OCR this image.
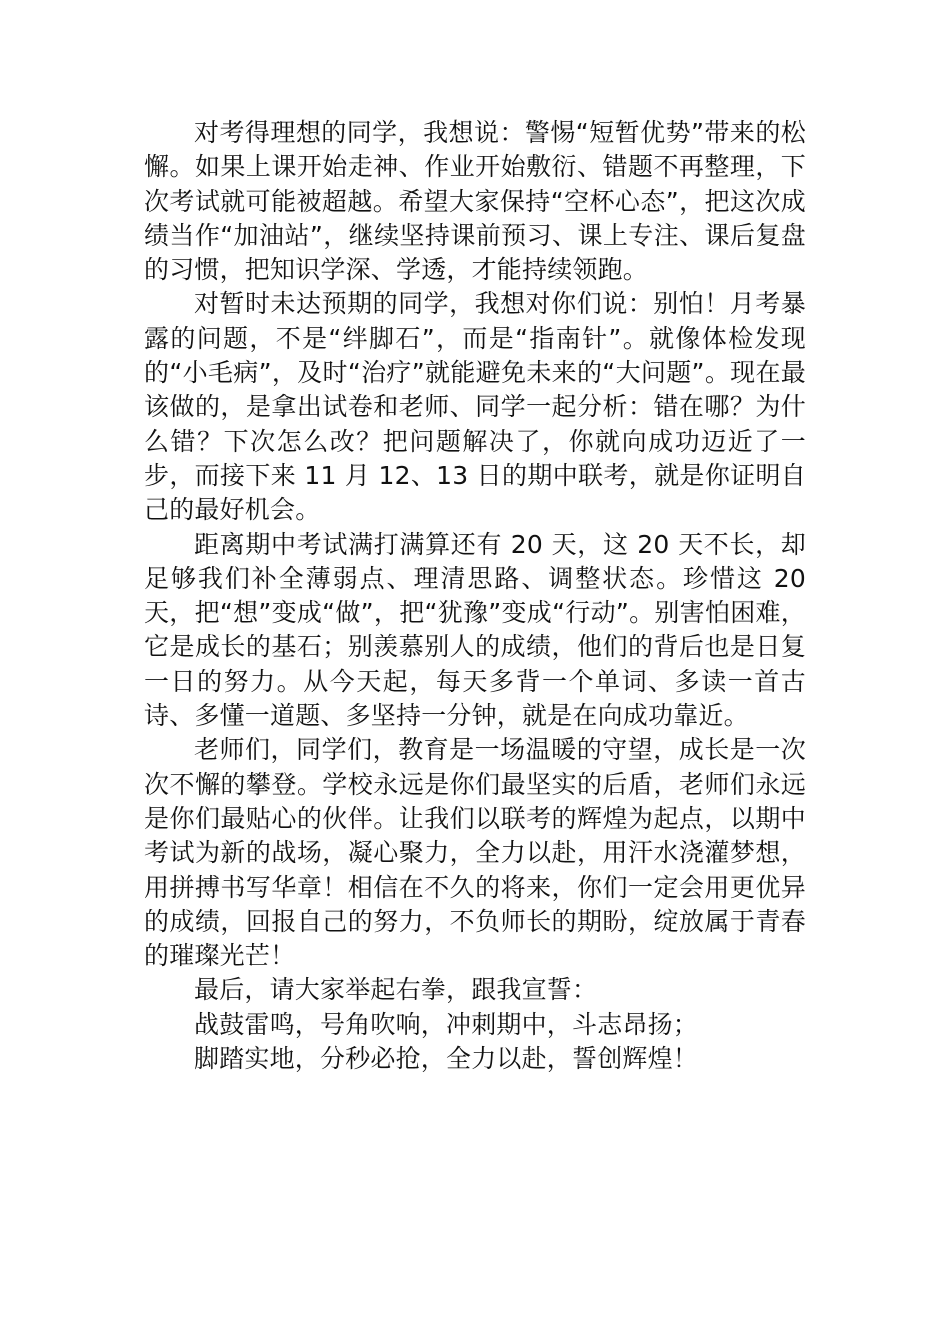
对考得理想的同学，我想说：警惕“短暂优势”带来的松懈。如果上课开始走神、作业开始敷衍、错题不再整理，下次考试就可能被超越。希望大家保持“空杯心态”，把这次成绩当作“加油站”，继续坚持课前预习、课上专注、课后复盘的习惯，把知识学深、学透，才能持续领跑。

对暂时未达预期的同学，我想对你们说：别怕！月考暴露的问题，不是“绊脚石”，而是“指南针”。就像体检发现的“小毛病”，及时“治疗”就能避免未来的“大问题”。现在最该做的，是拿出试卷和老师、同学一起分析：错在哪？为什么错？下次怎么改？把问题解决了，你就向成功迈近了一步，而接下来 11 月 12、13 日的期中联考，就是你证明自己的最好机会。

距离期中考试满打满算还有 20 天，这 20 天不长，却足够我们补全薄弱点、理清思路、调整状态。珍惜这 20 天，把“想”变成“做”，把“犹豫”变成“行动”。别害怕困难，它是成长的基石；别羡慕别人的成绩，他们的背后也是日复一日的努力。从今天起，每天多背一个单词、多读一首古诗、多懂一道题、多坚持一分钟，就是在向成功靠近。

老师们，同学们，教育是一场温暖的守望，成长是一次次不懈的攀登。学校永远是你们最坚实的后盾，老师们永远是你们最贴心的伙伴。让我们以联考的辉煌为起点，以期中考试为新的战场，凝心聚力，全力以赴，用汗水浇灌梦想，用拼搏书写华章！相信在不久的将来，你们一定会用更优异的成绩，回报自己的努力，不负师长的期盼，绽放属于青春的璀璨光芒！

最后，请大家举起右拳，跟我宣誓：

战鼓雷鸣，号角吹响，冲刺期中，斗志昂扬；

脚踏实地，分秒必抢，全力以赴，誓创辉煌！
